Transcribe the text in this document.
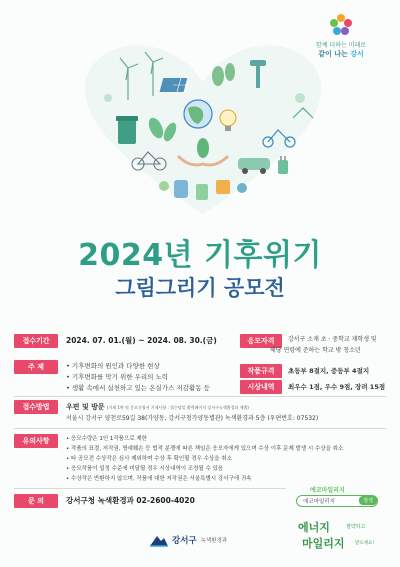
함께 더하는 미래로
같이 나는 강서
2024년 기후위기
그림그리기 공모전
접수기간	2024. 07. 01.(월) ~ 2024. 08. 30.(금)	응모자격	강서구 소재 초 · 중학교 재학생 및
해당 연령에 준하는 학교 밖 청소년
주 제	• 기후변화의 원인과 다양한 현상
• 기후변화를 막기 위한 우리의 노력
• 생활 속에서 실천하고 있는 온실가스 저감활동 등
작품규격	초등부 8절지, 중등부 4절지
시상내역	최우수 1점, 우수 9점, 장려 15점
접수방법	우편 및 방문 (기재 1쪽 및 응모신청서 기재사항 : 접수당일 출력페이지 강서구녹색환경과 제출)
서울시 강서구 양천로59길 38(가양동, 강서구청가양동별관) 녹색환경과 5층 (우편번호: 07532)
유의사항	• 응모수량은 1인 1작품으로 제한
• 작품의 표절, 저작권, 명예훼손 등 법적 분쟁에 따른 책임은 응모자에게 있으며 수상 이후 문제 발생 시 수상을 취소
• 타 공모전 수상작은 심사 제외하며 수상 후 확인될 경우 수상을 취소
• 응모작품이 일정 수준에 미달될 경우 시상내역이 조정될 수 있음
• 수상작은 반환하지 않으며, 작품에 대한 저작권은 서울특별시 강서구에 귀속
문 의	강서구청 녹색환경과 02-2600-4020
강서구 녹색환경과
에코마일리지
에코마일리지	검색
에너지	절약하고
마일리지 받으세요!
